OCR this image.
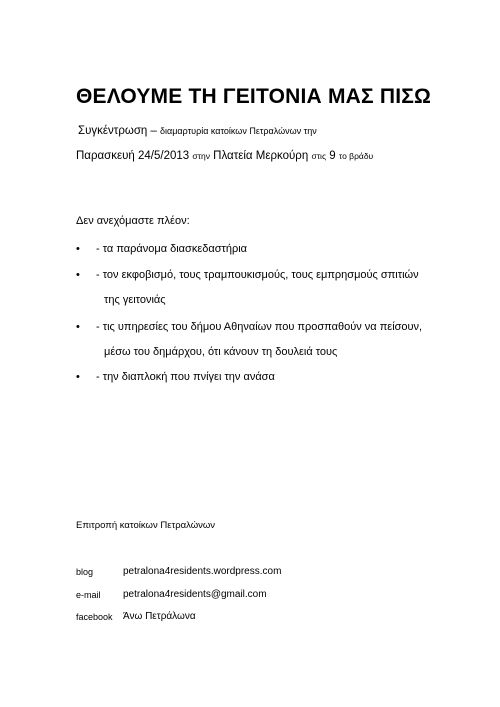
ΘΕΛΟΥΜΕ ΤΗ ΓΕΙΤΟΝΙΑ ΜΑΣ ΠΙΣΩ
Συγκέντρωση – διαμαρτυρία κατοίκων Πετραλώνων την
Παρασκευή 24/5/2013 στην Πλατεία Μερκούρη στις 9 το βράδυ
Δεν ανεχόμαστε πλέον:
• - τα παράνομα διασκεδαστήρια
• - τον εκφοβισμό, τους τραμπουκισμούς, τους εμπρησμούς σπιτιών
της γειτονιάς
• - τις υπηρεσίες του δήμου Αθηναίων που προσπαθούν να πείσουν,
μέσω του δημάρχου, ότι κάνουν τη δουλειά τους
• - την διαπλοκή που πνίγει την ανάσα
Επιτροπή κατοίκων Πετραλώνων
blog	petralona4residents.wordpress.com
e-mail petralona4residents@gmail.com
facebook Άνω Πετράλωνα
